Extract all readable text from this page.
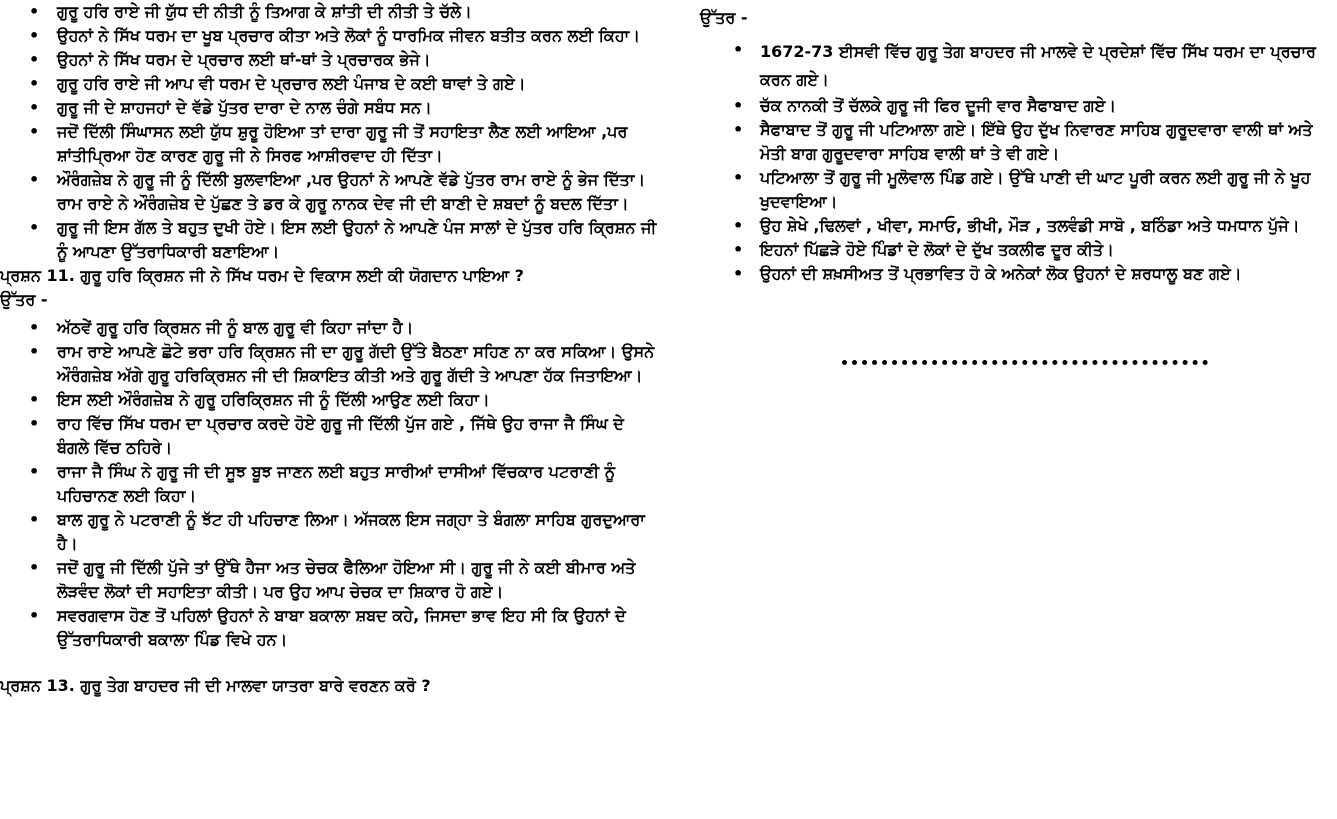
• ਗੁਰੂ ਹਰਿ ਰਾਏ ਜੀ ਯੁੱਧ ਦੀ ਨੀਤੀ ਨੂੰ ਤਿਆਗ ਕੇ ਸ਼ਾਂਤੀ ਦੀ ਨੀਤੀ ਤੇ ਚੱਲੇ।
• ਉਹਨਾਂ ਨੇ ਸਿੱਖ ਧਰਮ ਦਾ ਖੂਬ ਪ੍ਰਚਾਰ ਕੀਤਾ ਅਤੇ ਲੋਕਾਂ ਨੂੰ ਧਾਰਮਿਕ ਜੀਵਨ ਬਤੀਤ ਕਰਨ ਲਈ ਕਿਹਾ।
• ਉਹਨਾਂ ਨੇ ਸਿੱਖ ਧਰਮ ਦੇ ਪ੍ਰਚਾਰ ਲਈ ਥਾਂ-ਥਾਂ ਤੇ ਪ੍ਰਚਾਰਕ ਭੇਜੇ।
• ਗੁਰੂ ਹਰਿ ਰਾਏ ਜੀ ਆਪ ਵੀ ਧਰਮ ਦੇ ਪ੍ਰਚਾਰ ਲਈ ਪੰਜਾਬ ਦੇ ਕਈ ਥਾਵਾਂ ਤੇ ਗਏ।
• ਗੁਰੂ ਜੀ ਦੇ ਸ਼ਾਹਜਹਾਂ ਦੇ ਵੱਡੇ ਪੁੱਤਰ ਦਾਰਾ ਦੇ ਨਾਲ ਚੰਗੇ ਸਬੰਧ ਸਨ।
• ਜਦੋਂ ਦਿੱਲੀ ਸਿੰਘਾਸਨ ਲਈ ਯੁੱਧ ਸ਼ੁਰੂ ਹੋਇਆ ਤਾਂ ਦਾਰਾ ਗੁਰੂ ਜੀ ਤੋਂ ਸਹਾਇਤਾ ਲੈਣ ਲਈ ਆਇਆ ,ਪਰ ਸ਼ਾਂਤੀਪ੍ਰਿਆ ਹੋਣ ਕਾਰਣ ਗੁਰੂ ਜੀ ਨੇ ਸਿਰਫ ਆਸ਼ੀਰਵਾਦ ਹੀ ਦਿੱਤਾ।
• ਔਰੰਗਜ਼ੇਬ ਨੇ ਗੁਰੂ ਜੀ ਨੂੰ ਦਿੱਲੀ ਬੁਲਵਾਇਆ ,ਪਰ ਉਹਨਾਂ ਨੇ ਆਪਣੇ ਵੱਡੇ ਪੁੱਤਰ ਰਾਮ ਰਾਏ ਨੂੰ ਭੇਜ ਦਿੱਤਾ। ਰਾਮ ਰਾਏ ਨੇ ਔਰੰਗਜ਼ੇਬ ਦੇ ਪੁੱਛਣ ਤੇ ਡਰ ਕੇ ਗੁਰੂ ਨਾਨਕ ਦੇਵ ਜੀ ਦੀ ਬਾਣੀ ਦੇ ਸ਼ਬਦਾਂ ਨੂੰ ਬਦਲ ਦਿੱਤਾ।
• ਗੁਰੂ ਜੀ ਇਸ ਗੱਲ ਤੇ ਬਹੁਤ ਦੁਖੀ ਹੋਏ। ਇਸ ਲਈ ਉਹਨਾਂ ਨੇ ਆਪਣੇ ਪੰਜ ਸਾਲਾਂ ਦੇ ਪੁੱਤਰ ਹਰਿ ਕ੍ਰਿਸ਼ਨ ਜੀ ਨੂੰ ਆਪਣਾ ਉੱਤਰਾਧਿਕਾਰੀ ਬਣਾਇਆ।
ਪ੍ਰਸ਼ਨ 11. ਗੁਰੂ ਹਰਿ ਕ੍ਰਿਸ਼ਨ ਜੀ ਨੇ ਸਿੱਖ ਧਰਮ ਦੇ ਵਿਕਾਸ ਲਈ ਕੀ ਯੋਗਦਾਨ ਪਾਇਆ ?
ਉੱਤਰ -
• ਅੱਠਵੇਂ ਗੁਰੂ ਹਰਿ ਕ੍ਰਿਸ਼ਨ ਜੀ ਨੂੰ ਬਾਲ ਗੁਰੂ ਵੀ ਕਿਹਾ ਜਾਂਦਾ ਹੈ।
• ਰਾਮ ਰਾਏ ਆਪਣੇ ਛੋਟੇ ਭਰਾ ਹਰਿ ਕ੍ਰਿਸ਼ਨ ਜੀ ਦਾ ਗੁਰੂ ਗੱਦੀ ਉੱਤੇ ਬੈਠਣਾ ਸਹਿਣ ਨਾ ਕਰ ਸਕਿਆ। ਉਸਨੇ ਔਰੰਗਜ਼ੇਬ ਅੱਗੇ ਗੁਰੂ ਹਰਿਕ੍ਰਿਸ਼ਨ ਜੀ ਦੀ ਸ਼ਿਕਾਇਤ ਕੀਤੀ ਅਤੇ ਗੁਰੂ ਗੱਦੀ ਤੇ ਆਪਣਾ ਹੱਕ ਜਿਤਾਇਆ।
• ਇਸ ਲਈ ਔਰੰਗਜ਼ੇਬ ਨੇ ਗੁਰੂ ਹਰਿਕ੍ਰਿਸ਼ਨ ਜੀ ਨੂੰ ਦਿੱਲੀ ਆਉਣ ਲਈ ਕਿਹਾ।
• ਰਾਹ ਵਿੱਚ ਸਿੱਖ ਧਰਮ ਦਾ ਪ੍ਰਚਾਰ ਕਰਦੇ ਹੋਏ ਗੁਰੂ ਜੀ ਦਿੱਲੀ ਪੁੱਜ ਗਏ , ਜਿੱਥੇ ਉਹ ਰਾਜਾ ਜੈ ਸਿੰਘ ਦੇ ਬੰਗਲੇ ਵਿੱਚ ਠਹਿਰੇ।
• ਰਾਜਾ ਜੈ ਸਿੰਘ ਨੇ ਗੁਰੂ ਜੀ ਦੀ ਸੂਝ ਬੂਝ ਜਾਣਨ ਲਈ ਬਹੁਤ ਸਾਰੀਆਂ ਦਾਸੀਆਂ ਵਿੱਚਕਾਰ ਪਟਰਾਣੀ ਨੂੰ ਪਹਿਚਾਨਣ ਲਈ ਕਿਹਾ।
• ਬਾਲ ਗੁਰੂ ਨੇ ਪਟਰਾਣੀ ਨੂੰ ਝੱਟ ਹੀ ਪਹਿਚਾਣ ਲਿਆ। ਅੱਜਕਲ ਇਸ ਜਗ੍ਹਾ ਤੇ ਬੰਗਲਾ ਸਾਹਿਬ ਗੁਰਦੁਆਰਾ ਹੈ।
• ਜਦੋਂ ਗੁਰੂ ਜੀ ਦਿੱਲੀ ਪੁੱਜੇ ਤਾਂ ਉੱਥੇ ਹੈਜਾ ਅਤ ਚੇਚਕ ਫੈਲਿਆ ਹੋਇਆ ਸੀ। ਗੁਰੂ ਜੀ ਨੇ ਕਈ ਬੀਮਾਰ ਅਤੇ ਲੋੜਵੰਦ ਲੋਕਾਂ ਦੀ ਸਹਾਇਤਾ ਕੀਤੀ। ਪਰ ਉਹ ਆਪ ਚੇਚਕ ਦਾ ਸ਼ਿਕਾਰ ਹੋ ਗਏ।
• ਸਵਰਗਵਾਸ ਹੋਣ ਤੋਂ ਪਹਿਲਾਂ ਉਹਨਾਂ ਨੇ ਬਾਬਾ ਬਕਾਲਾ ਸ਼ਬਦ ਕਹੇ, ਜਿਸਦਾ ਭਾਵ ਇਹ ਸੀ ਕਿ ਉਹਨਾਂ ਦੇ ਉੱਤਰਾਧਿਕਾਰੀ ਬਕਾਲਾ ਪਿੰਡ ਵਿਖੇ ਹਨ।
ਪ੍ਰਸ਼ਨ 13. ਗੁਰੂ ਤੇਗ ਬਾਹਦਰ ਜੀ ਦੀ ਮਾਲਵਾ ਯਾਤਰਾ ਬਾਰੇ ਵਰਣਨ ਕਰੋ ?
ਉੱਤਰ -
• 1672-73 ਈਸਵੀ ਵਿੱਚ ਗੁਰੂ ਤੇਗ ਬਾਹਦਰ ਜੀ ਮਾਲਵੇ ਦੇ ਪ੍ਰਦੇਸ਼ਾਂ ਵਿੱਚ ਸਿੱਖ ਧਰਮ ਦਾ ਪ੍ਰਚਾਰ ਕਰਨ ਗਏ।
• ਚੱਕ ਨਾਨਕੀ ਤੋਂ ਚੱਲਕੇ ਗੁਰੂ ਜੀ ਫਿਰ ਦੂਜੀ ਵਾਰ ਸੈਫਾਬਾਦ ਗਏ।
• ਸੈਫਾਬਾਦ ਤੋਂ ਗੁਰੂ ਜੀ ਪਟਿਆਲਾ ਗਏ। ਇੱਥੇ ਉਹ ਦੁੱਖ ਨਿਵਾਰਣ ਸਾਹਿਬ ਗੁਰੂਦਵਾਰਾ ਵਾਲੀ ਥਾਂ ਅਤੇ ਮੋਤੀ ਬਾਗ ਗੁਰੂਦਵਾਰਾ ਸਾਹਿਬ ਵਾਲੀ ਥਾਂ ਤੇ ਵੀ ਗਏ।
• ਪਟਿਆਲਾ ਤੋਂ ਗੁਰੂ ਜੀ ਮੂਲੋਵਾਲ ਪਿੰਡ ਗਏ। ਉੱਥੇ ਪਾਣੀ ਦੀ ਘਾਟ ਪੂਰੀ ਕਰਨ ਲਈ ਗੁਰੂ ਜੀ ਨੇ ਖੂਹ ਖੁਦਵਾਇਆ।
• ਉਹ ਸ਼ੇਖੇ ,ਢਿਲਵਾਂ , ਖੀਵਾ, ਸਮਾਓ, ਭੀਖੀ, ਮੌੜ , ਤਲਵੰਡੀ ਸਾਬੋ , ਬਠਿੰਡਾ ਅਤੇ ਧਮਧਾਨ ਪੁੱਜੇ।
• ਇਹਨਾਂ ਪਿੱਛੜੇ ਹੋਏ ਪਿੰਡਾਂ ਦੇ ਲੋਕਾਂ ਦੇ ਦੁੱਖ ਤਕਲੀਫ ਦੂਰ ਕੀਤੇ।
• ਉਹਨਾਂ ਦੀ ਸ਼ਖ਼ਸੀਅਤ ਤੋਂ ਪ੍ਰਭਾਵਿਤ ਹੋ ਕੇ ਅਨੇਕਾਂ ਲੋਕ ਉਹਨਾਂ ਦੇ ਸ਼ਰਧਾਲੂ ਬਣ ਗਏ।
